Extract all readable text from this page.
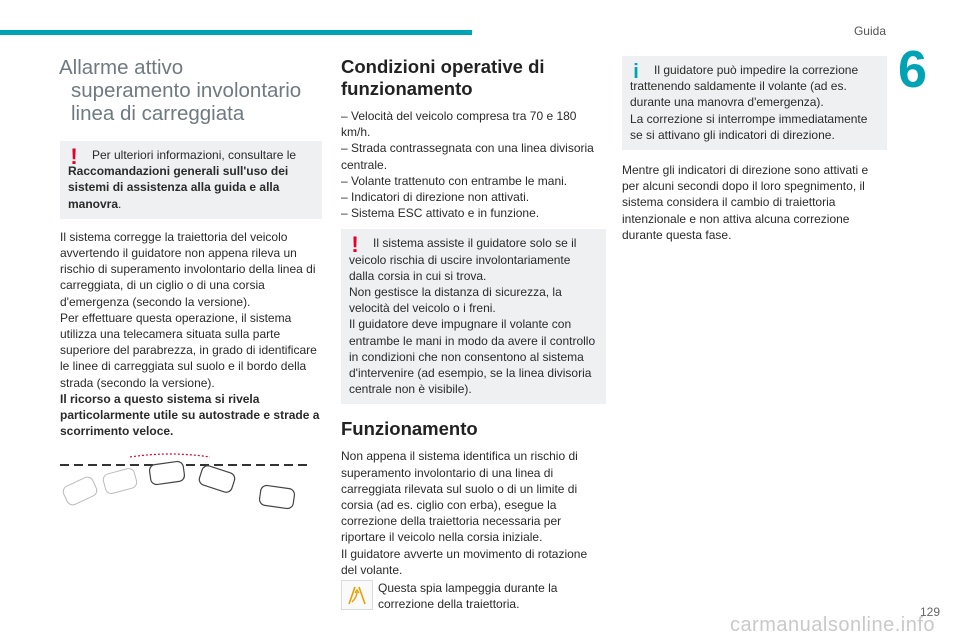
Guida
6
Allarme attivo
superamento involontario linea di carreggiata
!	Per ulteriori informazioni, consultare le Raccomandazioni generali sull'uso dei sistemi di assistenza alla guida e alla manovra.

Il sistema corregge la traiettoria del veicolo avvertendo il guidatore non appena rileva un rischio di superamento involontario della linea di carreggiata, di un ciglio o di una corsia d'emergenza (secondo la versione).

Per effettuare questa operazione, il sistema utilizza una telecamera situata sulla parte superiore del parabrezza, in grado di identificare le linee di carreggiata sul suolo e il bordo della strada (secondo la versione).

Il ricorso a questo sistema si rivela particolarmente utile su autostrade e strade a scorrimento veloce.

Condizioni operative di funzionamento
– Velocità del veicolo compresa tra 70 e 180 km/h.
– Strada contrassegnata con una linea divisoria centrale.
– Volante trattenuto con entrambe le mani.
– Indicatori di direzione non attivati.
– Sistema ESC attivato e in funzione.
!	Il sistema assiste il guidatore solo se il veicolo rischia di uscire involontariamente dalla corsia in cui si trova.

Non gestisce la distanza di sicurezza, la velocità del veicolo o i freni.

Il guidatore deve impugnare il volante con entrambe le mani in modo da avere il controllo in condizioni che non consentono al sistema d'intervenire (ad esempio, se la linea divisoria centrale non è visibile).

Funzionamento

Non appena il sistema identifica un rischio di superamento involontario di una linea di carreggiata rilevata sul suolo o di un limite di corsia (ad es. ciglio con erba), esegue la correzione della traiettoria necessaria per riportare il veicolo nella corsia iniziale.

Il guidatore avverte un movimento di rotazione del volante.

Questa spia lampeggia durante la correzione della traiettoria.
i	Il guidatore può impedire la correzione trattenendo saldamente il volante (ad es. durante una manovra d'emergenza).

La correzione si interrompe immediatamente se si attivano gli indicatori di direzione.

Mentre gli indicatori di direzione sono attivati e per alcuni secondi dopo il loro spegnimento, il sistema considera il cambio di traiettoria intenzionale e non attiva alcuna correzione durante questa fase.

129
carmanualsonline.info
